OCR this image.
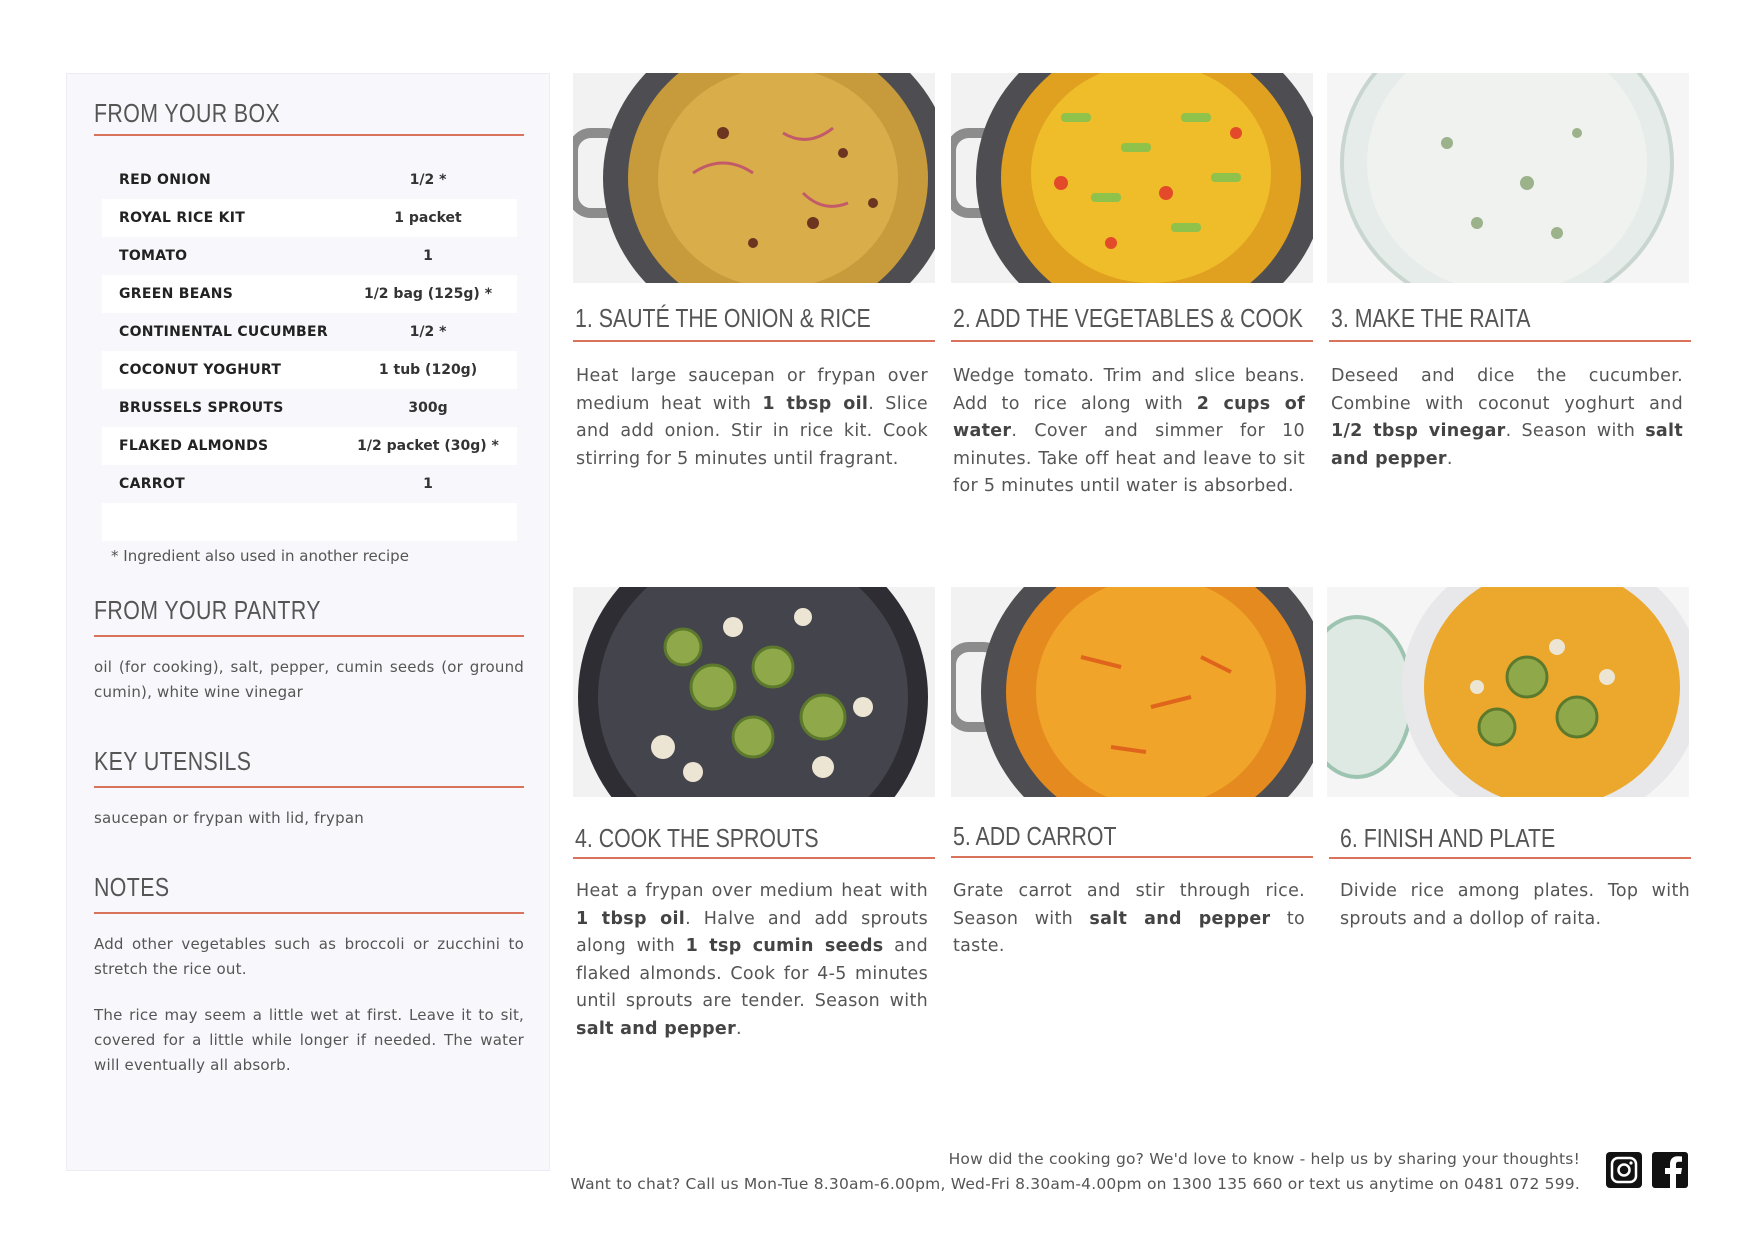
FROM YOUR BOX
RED ONION	1/2 *
ROYAL RICE KIT	1 packet
TOMATO	1
GREEN BEANS	1/2 bag (125g) *
CONTINENTAL CUCUMBER	1/2 *
COCONUT YOGHURT	1 tub (120g)
BRUSSELS SPROUTS	300g
FLAKED ALMONDS	1/2 packet (30g) *
CARROT	1
* Ingredient also used in another recipe
FROM YOUR PANTRY
oil (for cooking), salt, pepper, cumin seeds (or ground cumin), white wine vinegar
KEY UTENSILS
saucepan or frypan with lid, frypan
NOTES
Add other vegetables such as broccoli or zucchini to stretch the rice out.
The rice may seem a little wet at first. Leave it to sit, covered for a little while longer if needed. The water will eventually all absorb.
1. SAUTÉ THE ONION & RICE
Heat large saucepan or frypan over medium heat with 1 tbsp oil. Slice and add onion. Stir in rice kit. Cook stirring for 5 minutes until fragrant.
2. ADD THE VEGETABLES & COOK
Wedge tomato. Trim and slice beans. Add to rice along with 2 cups of water. Cover and simmer for 10 minutes. Take off heat and leave to sit for 5 minutes until water is absorbed.
3. MAKE THE RAITA
Deseed and dice the cucumber. Combine with coconut yoghurt and 1/2 tbsp vinegar. Season with salt and pepper.
4. COOK THE SPROUTS
Heat a frypan over medium heat with 1 tbsp oil. Halve and add sprouts along with 1 tsp cumin seeds and flaked almonds. Cook for 4-5 minutes until sprouts are tender. Season with salt and pepper.
5. ADD CARROT
Grate carrot and stir through rice. Season with salt and pepper to taste.
6. FINISH AND PLATE
Divide rice among plates. Top with sprouts and a dollop of raita.
How did the cooking go? We'd love to know - help us by sharing your thoughts!
Want to chat? Call us Mon-Tue 8.30am-6.00pm, Wed-Fri 8.30am-4.00pm on 1300 135 660 or text us anytime on 0481 072 599.
